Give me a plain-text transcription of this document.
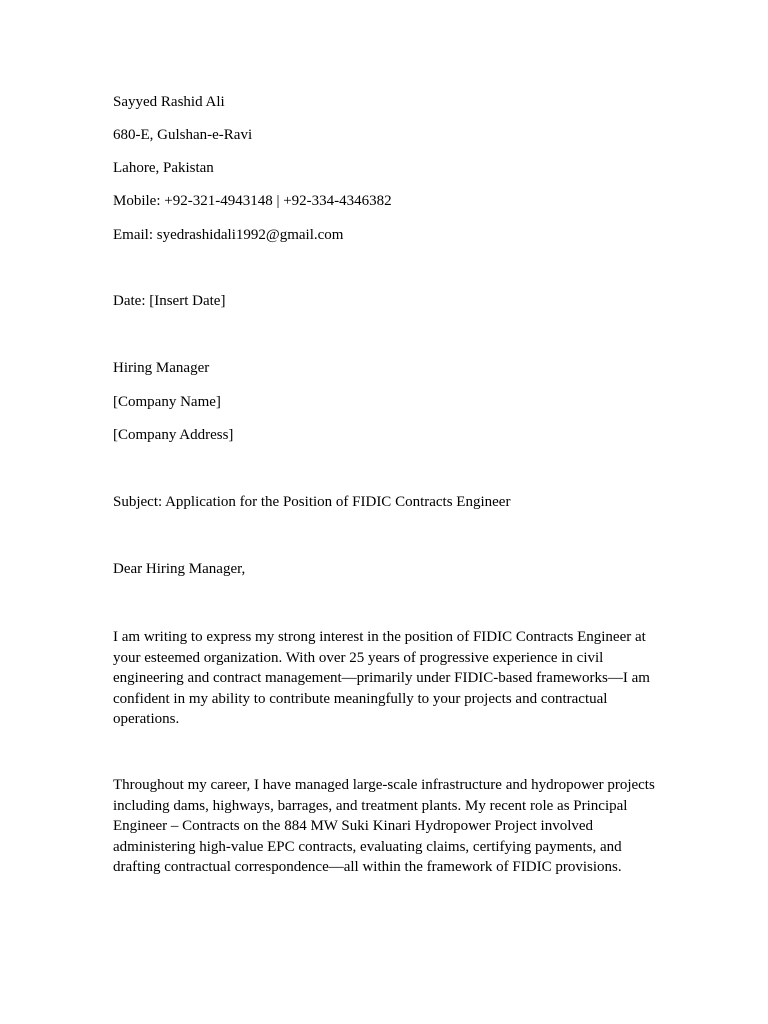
Sayyed Rashid Ali
680-E, Gulshan-e-Ravi
Lahore, Pakistan
Mobile: +92-321-4943148 | +92-334-4346382
Email: syedrashidali1992@gmail.com
Date: [Insert Date]
Hiring Manager
[Company Name]
[Company Address]
Subject: Application for the Position of FIDIC Contracts Engineer
Dear Hiring Manager,
I am writing to express my strong interest in the position of FIDIC Contracts Engineer at your esteemed organization. With over 25 years of progressive experience in civil engineering and contract management—primarily under FIDIC-based frameworks—I am confident in my ability to contribute meaningfully to your projects and contractual operations.
Throughout my career, I have managed large-scale infrastructure and hydropower projects including dams, highways, barrages, and treatment plants. My recent role as Principal Engineer – Contracts on the 884 MW Suki Kinari Hydropower Project involved administering high-value EPC contracts, evaluating claims, certifying payments, and drafting contractual correspondence—all within the framework of FIDIC provisions.
